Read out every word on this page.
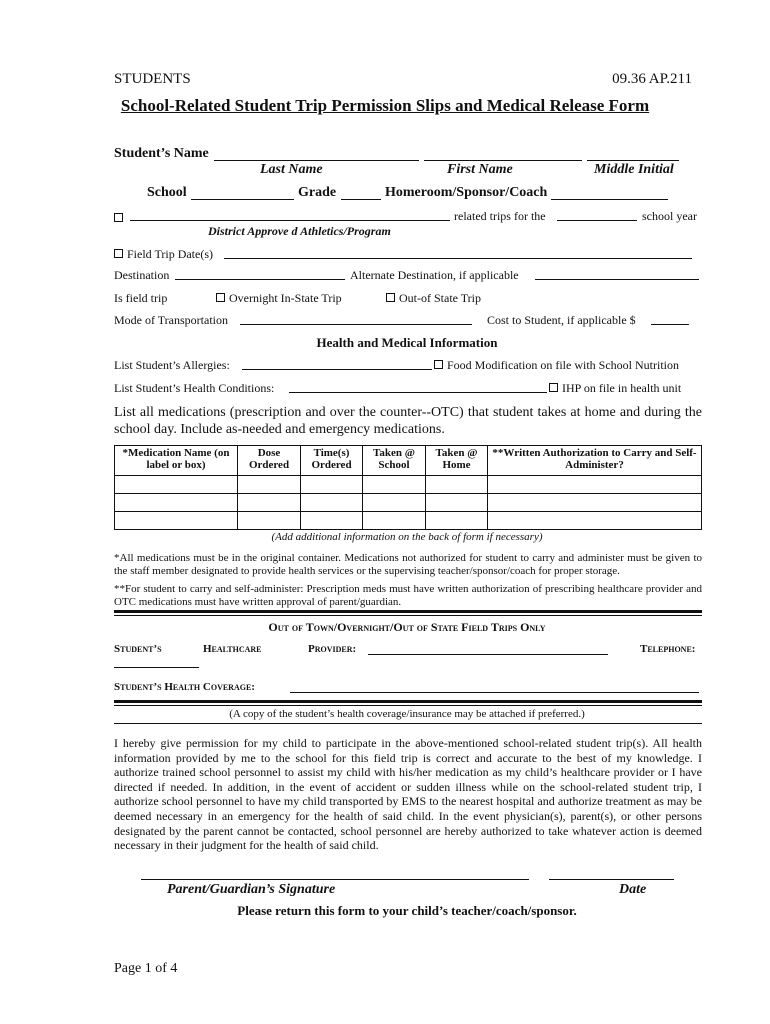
STUDENTS	09.36 AP.211
School-Related Student Trip Permission Slips and Medical Release Form
Student’s Name
Last Name	First Name	Middle Initial
School	Grade	Homeroom/Sponsor/Coach
related trips for the	school year
District Approve d Athletics/Program
Field Trip Date(s)
Destination	Alternate Destination, if applicable
Is field trip	Overnight In-State Trip	Out-of State Trip
Mode of Transportation	Cost to Student, if applicable $
Health and Medical Information
List Student’s Allergies:	Food Modification on file with School Nutrition
List Student’s Health Conditions:	IHP on file in health unit
List all medications (prescription and over the counter--OTC) that student takes at home and during the school day. Include as-needed and emergency medications.
*Medication Name (on label or box)	Dose Ordered	Time(s) Ordered	Taken @ School	Taken @ Home	**Written Authorization to Carry and Self-Administer?

(Add additional information on the back of form if necessary)
*All medications must be in the original container. Medications not authorized for student to carry and administer must be given to the staff member designated to provide health services or the supervising teacher/sponsor/coach for proper storage.
**For student to carry and self-administer: Prescription meds must have written authorization of prescribing healthcare provider and OTC medications must have written approval of parent/guardian.
Out of Town/Overnight/Out of State Field Trips Only
Student’s	Healthcare	Provider:	Telephone:
Student’s Health Coverage:
(A copy of the student’s health coverage/insurance may be attached if preferred.)
I hereby give permission for my child to participate in the above-mentioned school-related student trip(s). All health information provided by me to the school for this field trip is correct and accurate to the best of my knowledge. I authorize trained school personnel to assist my child with his/her medication as my child’s healthcare provider or I have directed if needed. In addition, in the event of accident or sudden illness while on the school-related student trip, I authorize school personnel to have my child transported by EMS to the nearest hospital and authorize treatment as may be deemed necessary in an emergency for the health of said child. In the event physician(s), parent(s), or other persons designated by the parent cannot be contacted, school personnel are hereby authorized to take whatever action is deemed necessary in their judgment for the health of said child.
Parent/Guardian’s Signature	Date
Please return this form to your child’s teacher/coach/sponsor.
Page 1 of 4
